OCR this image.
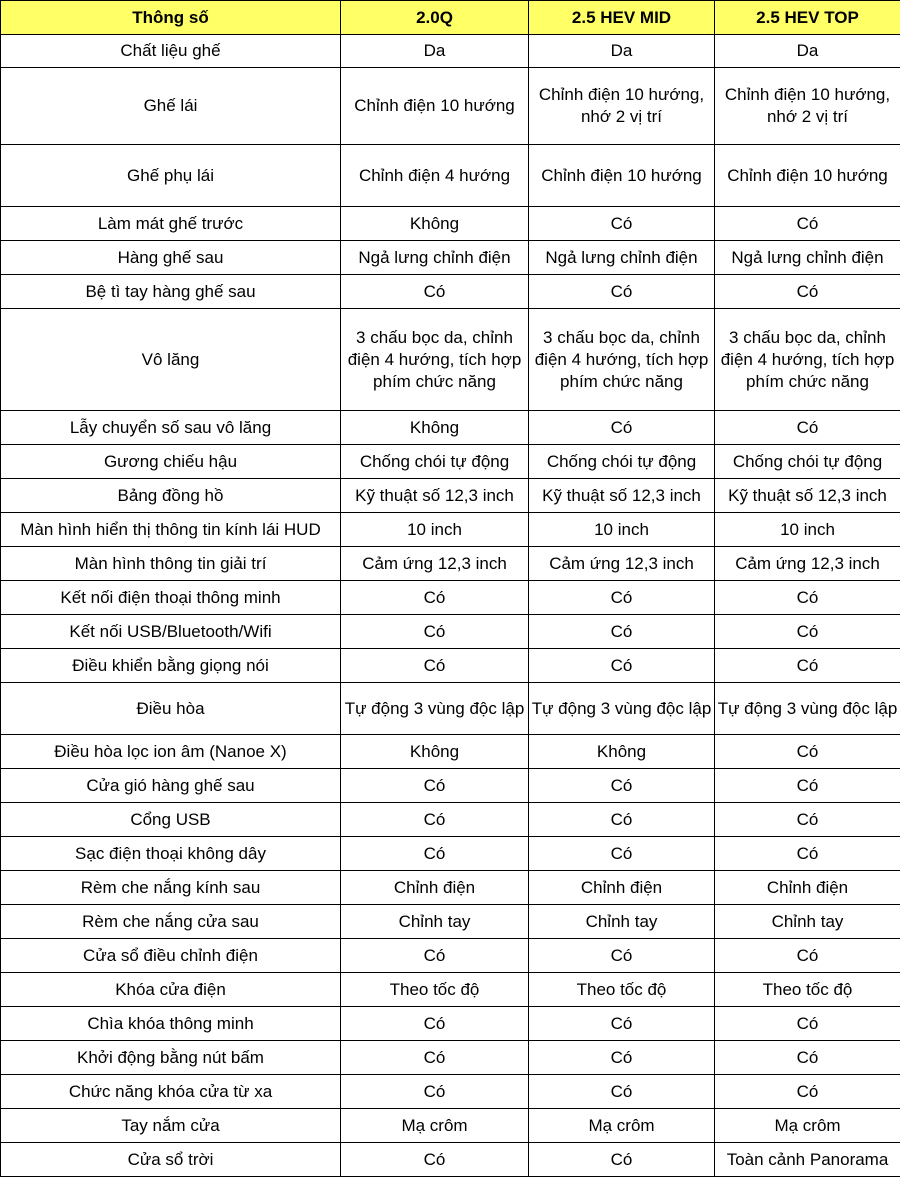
Thông số	2.0Q	2.5 HEV MID	2.5 HEV TOP
Chất liệu ghế	Da	Da	Da
Ghế lái	Chỉnh điện 10 hướng	Chỉnh điện 10 hướng, nhớ 2 vị trí	Chỉnh điện 10 hướng, nhớ 2 vị trí
Ghế phụ lái	Chỉnh điện 4 hướng	Chỉnh điện 10 hướng	Chỉnh điện 10 hướng
Làm mát ghế trước	Không	Có	Có
Hàng ghế sau	Ngả lưng chỉnh điện	Ngả lưng chỉnh điện	Ngả lưng chỉnh điện
Bệ tì tay hàng ghế sau	Có	Có	Có
Vô lăng	3 chấu bọc da, chỉnh điện 4 hướng, tích hợp phím chức năng	3 chấu bọc da, chỉnh điện 4 hướng, tích hợp phím chức năng	3 chấu bọc da, chỉnh điện 4 hướng, tích hợp phím chức năng
Lẫy chuyển số sau vô lăng	Không	Có	Có
Gương chiếu hậu	Chống chói tự động	Chống chói tự động	Chống chói tự động
Bảng đồng hồ	Kỹ thuật số 12,3 inch	Kỹ thuật số 12,3 inch	Kỹ thuật số 12,3 inch
Màn hình hiển thị thông tin kính lái HUD	10 inch	10 inch	10 inch
Màn hình thông tin giải trí	Cảm ứng 12,3 inch	Cảm ứng 12,3 inch	Cảm ứng 12,3 inch
Kết nối điện thoại thông minh	Có	Có	Có
Kết nối USB/Bluetooth/Wifi	Có	Có	Có
Điều khiển bằng giọng nói	Có	Có	Có
Điều hòa	Tự động 3 vùng độc lập	Tự động 3 vùng độc lập	Tự động 3 vùng độc lập
Điều hòa lọc ion âm (Nanoe X)	Không	Không	Có
Cửa gió hàng ghế sau	Có	Có	Có
Cổng USB	Có	Có	Có
Sạc điện thoại không dây	Có	Có	Có
Rèm che nắng kính sau	Chỉnh điện	Chỉnh điện	Chỉnh điện
Rèm che nắng cửa sau	Chỉnh tay	Chỉnh tay	Chỉnh tay
Cửa sổ điều chỉnh điện	Có	Có	Có
Khóa cửa điện	Theo tốc độ	Theo tốc độ	Theo tốc độ
Chìa khóa thông minh	Có	Có	Có
Khởi động bằng nút bấm	Có	Có	Có
Chức năng khóa cửa từ xa	Có	Có	Có
Tay nắm cửa	Mạ crôm	Mạ crôm	Mạ crôm
Cửa sổ trời	Có	Có	Toàn cảnh Panorama
